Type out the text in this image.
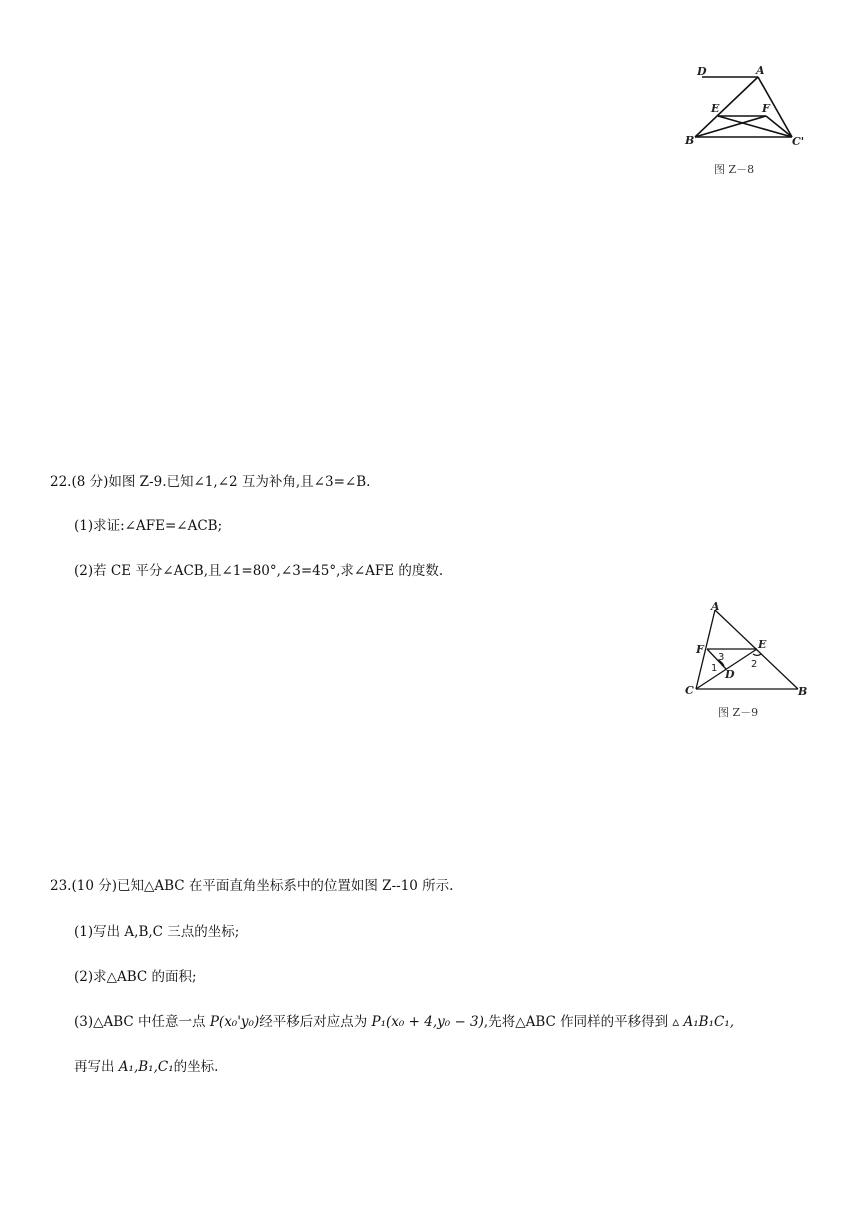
D	A
E	F
B	C'
图 Z－8
22.(8 分)如图 Z-9.已知∠1,∠2 互为补角,且∠3=∠B.
(1)求证:∠AFE=∠ACB;
(2)若 CE 平分∠ACB,且∠1=80°,∠3=45°,求∠AFE 的度数.
A
F	E
C
D
B
3
1	2
图 Z－9
23.(10 分)已知△ABC 在平面直角坐标系中的位置如图 Z--10 所示.
(1)写出 A,B,C 三点的坐标;
(2)求△ABC 的面积;
(3)△ABC 中任意一点 P(x₀'y₀)经平移后对应点为 P₁(x₀ + 4,y₀ − 3),先将△ABC 作同样的平移得到 ▵ A₁B₁C₁,
再写出 A₁,B₁,C₁的坐标.
